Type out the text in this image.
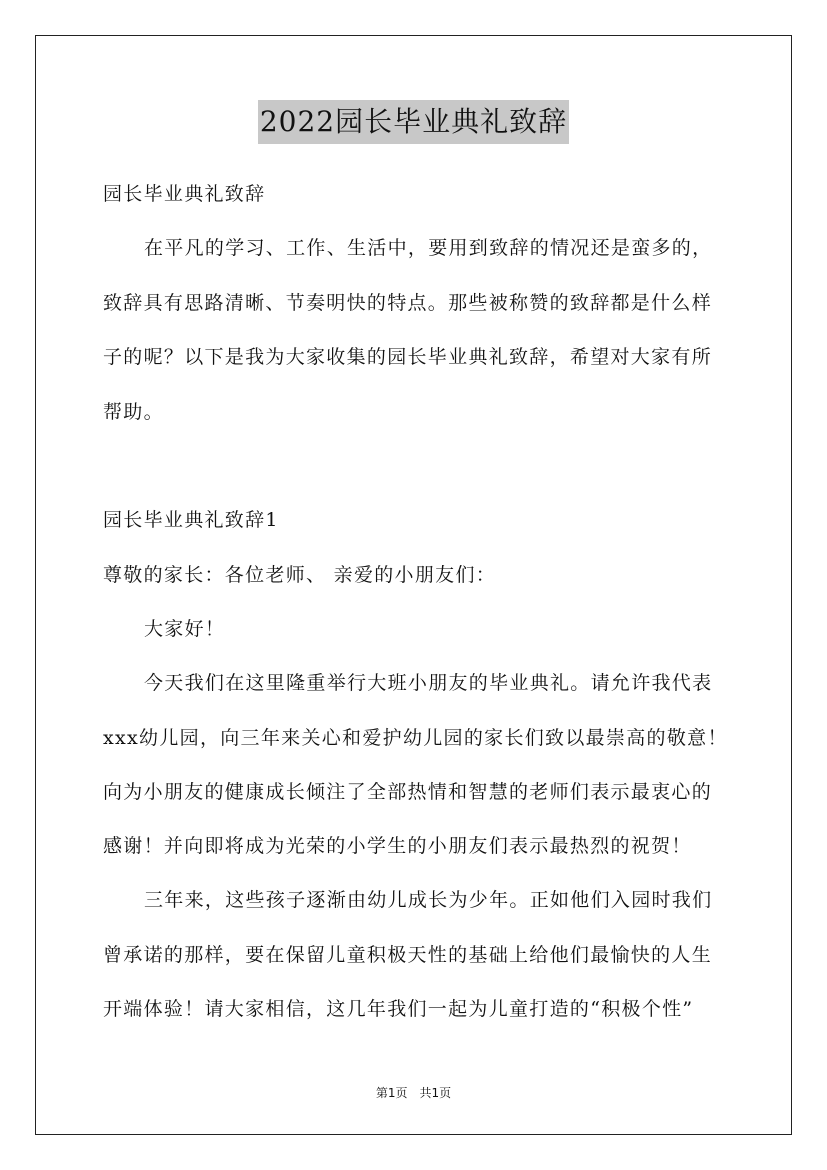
2022园长毕业典礼致辞
园长毕业典礼致辞
在平凡的学习、工作、生活中，要用到致辞的情况还是蛮多的，
致辞具有思路清晰、节奏明快的特点。那些被称赞的致辞都是什么样
子的呢？以下是我为大家收集的园长毕业典礼致辞，希望对大家有所
帮助。
园长毕业典礼致辞1
尊敬的家长：各位老师、 亲爱的小朋友们：
大家好！
今天我们在这里隆重举行大班小朋友的毕业典礼。请允许我代表
xxx幼儿园，向三年来关心和爱护幼儿园的家长们致以最崇高的敬意！
向为小朋友的健康成长倾注了全部热情和智慧的老师们表示最衷心的
感谢！并向即将成为光荣的小学生的小朋友们表示最热烈的祝贺！
三年来，这些孩子逐渐由幼儿成长为少年。正如他们入园时我们
曾承诺的那样，要在保留儿童积极天性的基础上给他们最愉快的人生
开端体验！请大家相信，这几年我们一起为儿童打造的“积极个性”
第1页 共1页
